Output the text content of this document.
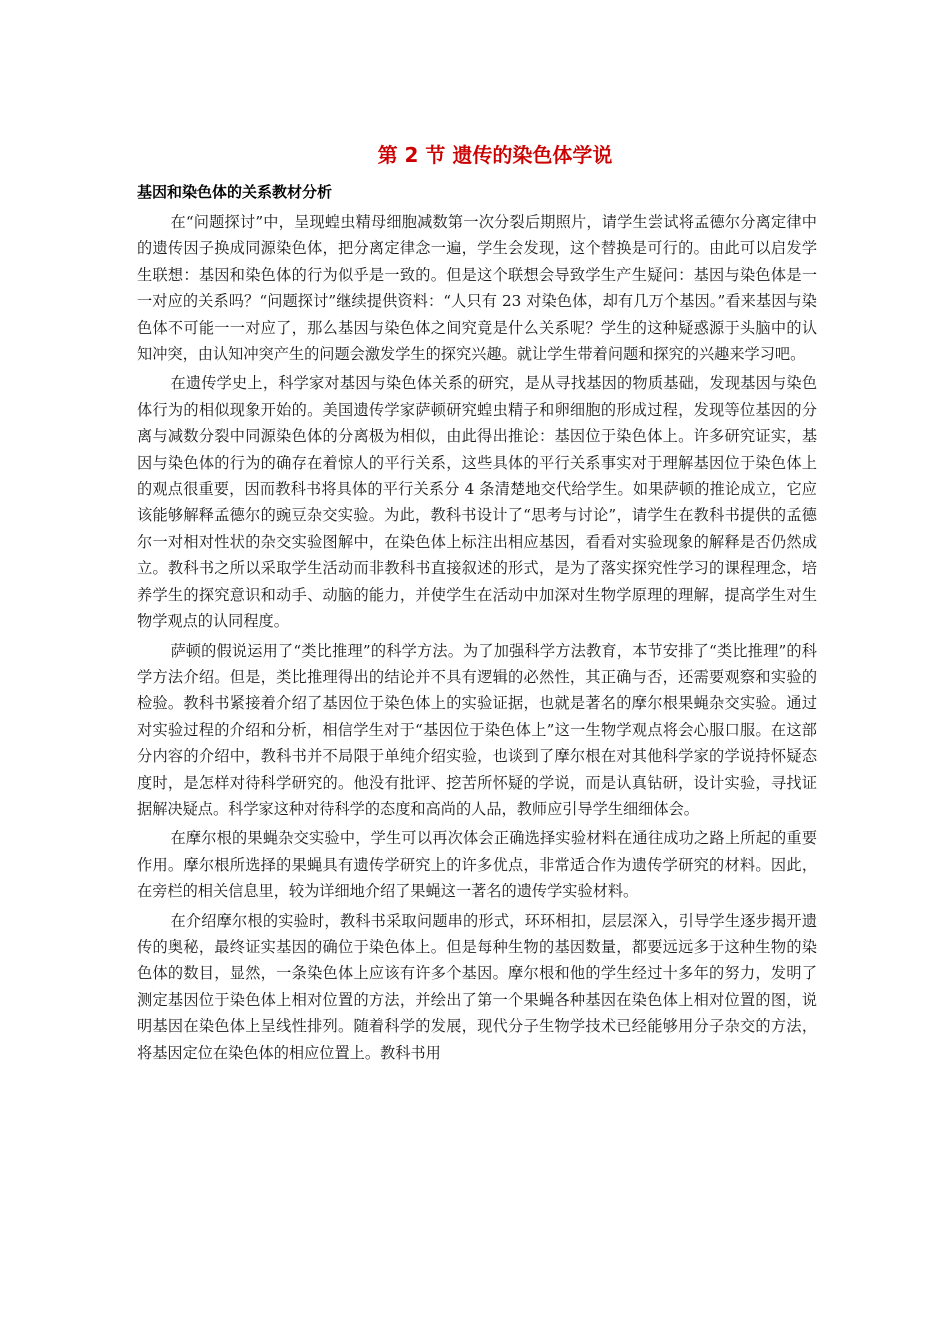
第 2 节 遗传的染色体学说
基因和染色体的关系教材分析

在“问题探讨”中，呈现蝗虫精母细胞减数第一次分裂后期照片，请学生尝试将孟德尔分离定律中的遗传因子换成同源染色体，把分离定律念一遍，学生会发现，这个替换是可行的。由此可以启发学生联想：基因和染色体的行为似乎是一致的。但是这个联想会导致学生产生疑问：基因与染色体是一一对应的关系吗？“问题探讨”继续提供资料：“人只有 23 对染色体，却有几万个基因。”看来基因与染色体不可能一一对应了，那么基因与染色体之间究竟是什么关系呢？学生的这种疑惑源于头脑中的认知冲突，由认知冲突产生的问题会激发学生的探究兴趣。就让学生带着问题和探究的兴趣来学习吧。

在遗传学史上，科学家对基因与染色体关系的研究，是从寻找基因的物质基础，发现基因与染色体行为的相似现象开始的。美国遗传学家萨顿研究蝗虫精子和卵细胞的形成过程，发现等位基因的分离与减数分裂中同源染色体的分离极为相似，由此得出推论：基因位于染色体上。许多研究证实，基因与染色体的行为的确存在着惊人的平行关系，这些具体的平行关系事实对于理解基因位于染色体上的观点很重要，因而教科书将具体的平行关系分 4 条清楚地交代给学生。如果萨顿的推论成立，它应该能够解释孟德尔的豌豆杂交实验。为此，教科书设计了“思考与讨论”，请学生在教科书提供的孟德尔一对相对性状的杂交实验图解中，在染色体上标注出相应基因，看看对实验现象的解释是否仍然成立。教科书之所以采取学生活动而非教科书直接叙述的形式，是为了落实探究性学习的课程理念，培养学生的探究意识和动手、动脑的能力，并使学生在活动中加深对生物学原理的理解，提高学生对生物学观点的认同程度。

萨顿的假说运用了“类比推理”的科学方法。为了加强科学方法教育，本节安排了“类比推理”的科学方法介绍。但是，类比推理得出的结论并不具有逻辑的必然性，其正确与否，还需要观察和实验的检验。教科书紧接着介绍了基因位于染色体上的实验证据，也就是著名的摩尔根果蝇杂交实验。通过对实验过程的介绍和分析，相信学生对于“基因位于染色体上”这一生物学观点将会心服口服。在这部分内容的介绍中，教科书并不局限于单纯介绍实验，也谈到了摩尔根在对其他科学家的学说持怀疑态度时，是怎样对待科学研究的。他没有批评、挖苦所怀疑的学说，而是认真钻研，设计实验，寻找证据解决疑点。科学家这种对待科学的态度和高尚的人品，教师应引导学生细细体会。

在摩尔根的果蝇杂交实验中，学生可以再次体会正确选择实验材料在通往成功之路上所起的重要作用。摩尔根所选择的果蝇具有遗传学研究上的许多优点，非常适合作为遗传学研究的材料。因此，在旁栏的相关信息里，较为详细地介绍了果蝇这一著名的遗传学实验材料。

在介绍摩尔根的实验时，教科书采取问题串的形式，环环相扣，层层深入，引导学生逐步揭开遗传的奥秘，最终证实基因的确位于染色体上。但是每种生物的基因数量，都要远远多于这种生物的染色体的数目，显然，一条染色体上应该有许多个基因。摩尔根和他的学生经过十多年的努力，发明了测定基因位于染色体上相对位置的方法，并绘出了第一个果蝇各种基因在染色体上相对位置的图，说明基因在染色体上呈线性排列。随着科学的发展，现代分子生物学技术已经能够用分子杂交的方法，将基因定位在染色体的相应位置上。教科书用
